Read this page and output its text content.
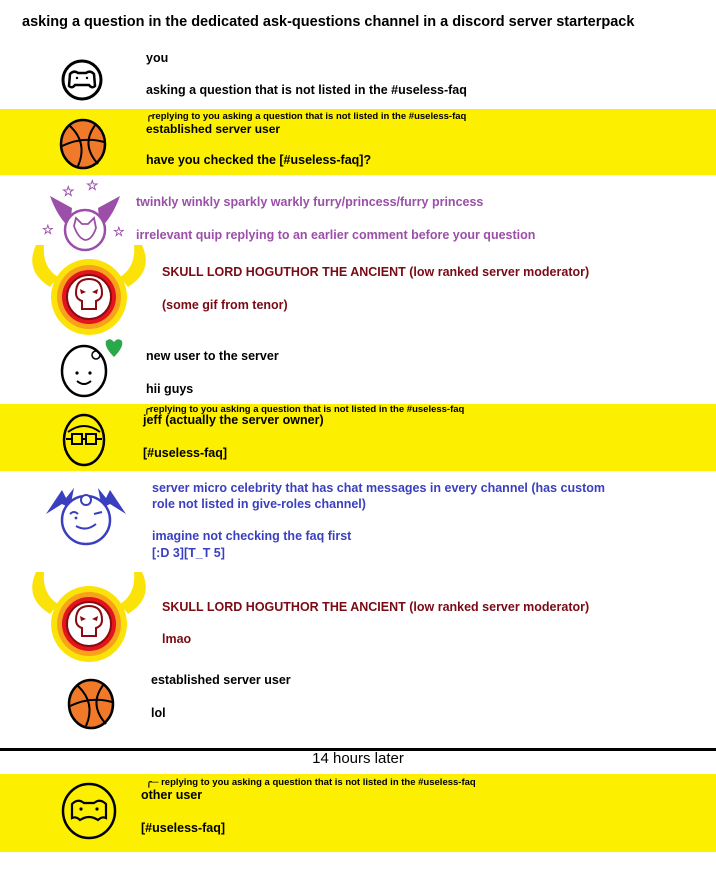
asking a question in the dedicated ask-questions channel in a discord server starterpack
you
asking a question that is not listed in the #useless-faq
╭replying to you asking a question that is not listed in the #useless-faq
established server user
have you checked the [#useless-faq]?
☆ ☆
☆	☆
twinkly winkly sparkly warkly furry/princess/furry princess
irrelevant quip replying to an earlier comment before your question
SKULL LORD HOGUTHOR THE ANCIENT (low ranked server moderator)
(some gif from tenor)
new user to the server
hii guys
╭replying to you asking a question that is not listed in the #useless-faq
jeff (actually the server owner)
[#useless-faq]
server micro celebrity that has chat messages in every channel (has custom
role not listed in give-roles channel)
imagine not checking the faq first
[:D 3][T_T 5]
SKULL LORD HOGUTHOR THE ANCIENT (low ranked server moderator)
lmao
established server user
lol
14 hours later
╭─ replying to you asking a question that is not listed in the #useless-faq
other user
[#useless-faq]
